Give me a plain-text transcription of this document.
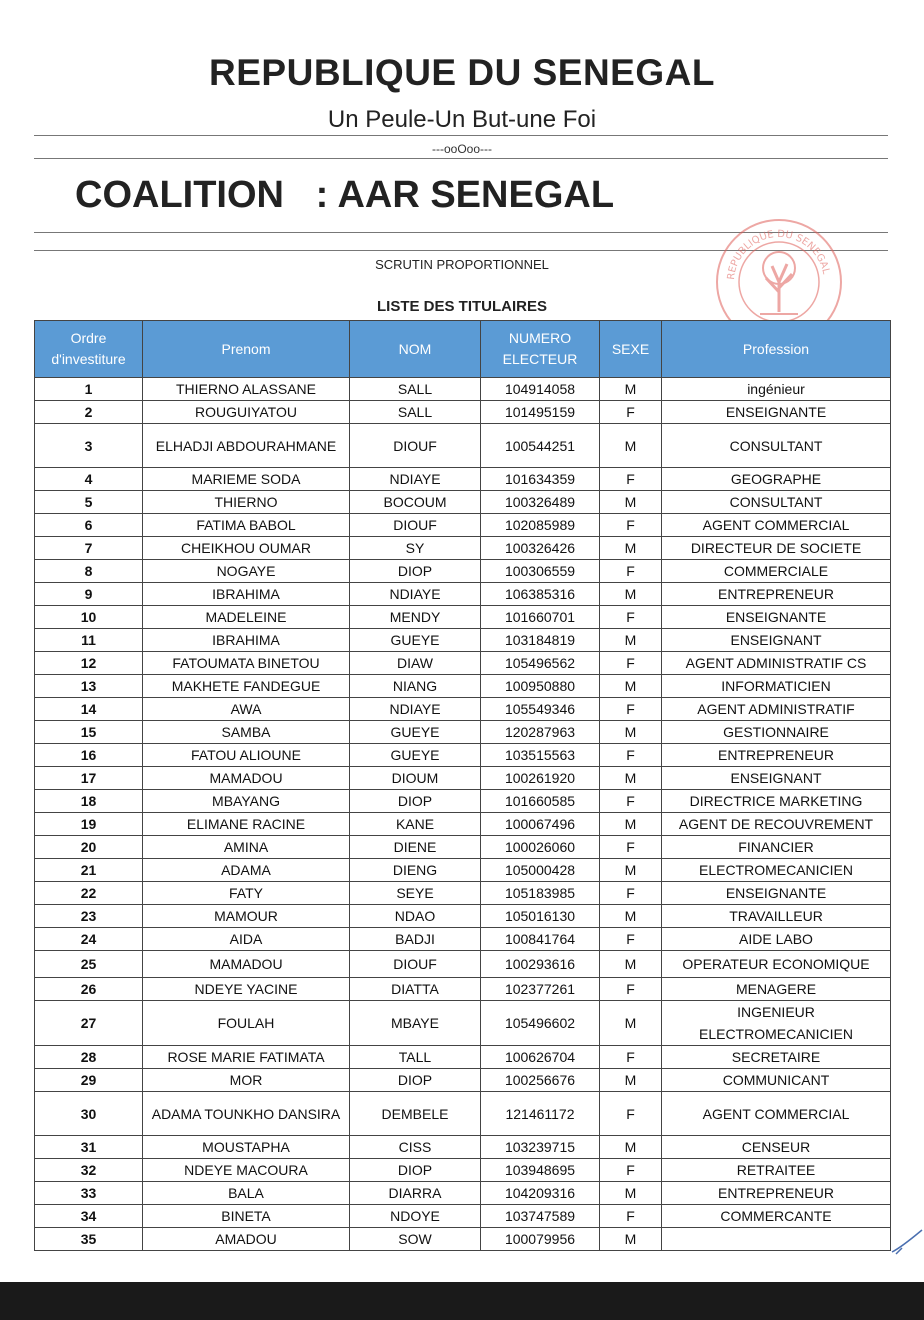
REPUBLIQUE DU SENEGAL
Un Peule-Un But-une Foi
---ooOoo---
COALITION   : AAR SENEGAL
SCRUTIN PROPORTIONNEL
LISTE DES TITULAIRES
REPUBLIQUE DU SENEGAL
Ordre d'investiture	Prenom	NOM	NUMERO ELECTEUR	SEXE	Profession
1	THIERNO ALASSANE	SALL	104914058	M	ingénieur
2	ROUGUIYATOU	SALL	101495159	F	ENSEIGNANTE
3	ELHADJI ABDOURAHMANE	DIOUF	100544251	M	CONSULTANT
4	MARIEME SODA	NDIAYE	101634359	F	GEOGRAPHE
5	THIERNO	BOCOUM	100326489	M	CONSULTANT
6	FATIMA BABOL	DIOUF	102085989	F	AGENT COMMERCIAL
7	CHEIKHOU OUMAR	SY	100326426	M	DIRECTEUR DE SOCIETE
8	NOGAYE	DIOP	100306559	F	COMMERCIALE
9	IBRAHIMA	NDIAYE	106385316	M	ENTREPRENEUR
10	MADELEINE	MENDY	101660701	F	ENSEIGNANTE
11	IBRAHIMA	GUEYE	103184819	M	ENSEIGNANT
12	FATOUMATA BINETOU	DIAW	105496562	F	AGENT ADMINISTRATIF CS
13	MAKHETE FANDEGUE	NIANG	100950880	M	INFORMATICIEN
14	AWA	NDIAYE	105549346	F	AGENT ADMINISTRATIF
15	SAMBA	GUEYE	120287963	M	GESTIONNAIRE
16	FATOU ALIOUNE	GUEYE	103515563	F	ENTREPRENEUR
17	MAMADOU	DIOUM	100261920	M	ENSEIGNANT
18	MBAYANG	DIOP	101660585	F	DIRECTRICE MARKETING
19	ELIMANE RACINE	KANE	100067496	M	AGENT DE RECOUVREMENT
20	AMINA	DIENE	100026060	F	FINANCIER
21	ADAMA	DIENG	105000428	M	ELECTROMECANICIEN
22	FATY	SEYE	105183985	F	ENSEIGNANTE
23	MAMOUR	NDAO	105016130	M	TRAVAILLEUR
24	AIDA	BADJI	100841764	F	AIDE LABO
25	MAMADOU	DIOUF	100293616	M	OPERATEUR ECONOMIQUE
26	NDEYE YACINE	DIATTA	102377261	F	MENAGERE
27	FOULAH	MBAYE	105496602	M	INGENIEUR ELECTROMECANICIEN
28	ROSE MARIE FATIMATA	TALL	100626704	F	SECRETAIRE
29	MOR	DIOP	100256676	M	COMMUNICANT
30	ADAMA TOUNKHO DANSIRA	DEMBELE	121461172	F	AGENT COMMERCIAL
31	MOUSTAPHA	CISS	103239715	M	CENSEUR
32	NDEYE MACOURA	DIOP	103948695	F	RETRAITEE
33	BALA	DIARRA	104209316	M	ENTREPRENEUR
34	BINETA	NDOYE	103747589	F	COMMERCANTE
35	AMADOU	SOW	100079956	M	
